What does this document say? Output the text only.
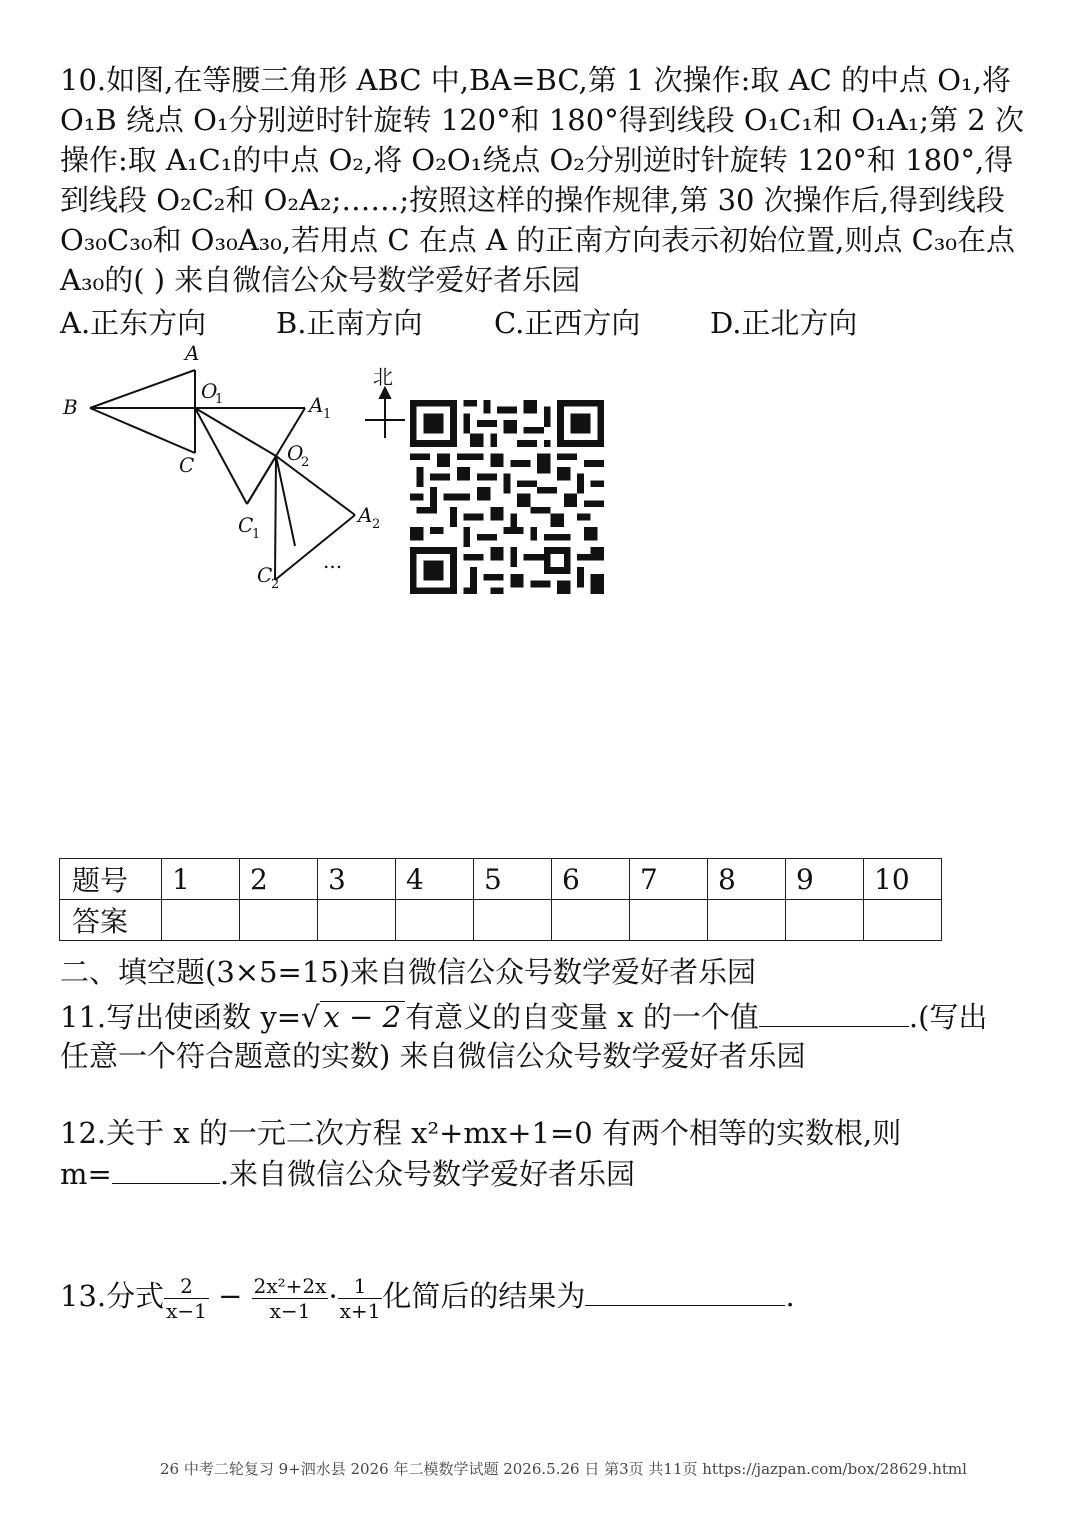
10.如图,在等腰三角形 ABC 中,BA=BC,第 1 次操作:取 AC 的中点 O₁,将
O₁B 绕点 O₁分别逆时针旋转 120°和 180°得到线段 O₁C₁和 O₁A₁;第 2 次
操作:取 A₁C₁的中点 O₂,将 O₂O₁绕点 O₂分别逆时针旋转 120°和 180°,得
到线段 O₂C₂和 O₂A₂;……;按照这样的操作规律,第 30 次操作后,得到线段
O₃₀C₃₀和 O₃₀A₃₀,若用点 C 在点 A 的正南方向表示初始位置,则点 C₃₀在点
A₃₀的( ) 来自微信公众号数学爱好者乐园
A.正东方向 B.正南方向 C.正西方向 D.正北方向
A
B
C
O
1	A 1
O
2
C
1
A 2
C
2
...
北
题号	1	2	3	4	5	6	7	8	9	10
答案										
二、填空题(3×5=15)来自微信公众号数学爱好者乐园
11.写出使函数 y=√ x − 2 有意义的自变量 x 的一个值	.(写出
任意一个符合题意的实数) 来自微信公众号数学爱好者乐园
12.关于 x 的一元二次方程 x²+mx+1=0 有两个相等的实数根,则
m=	.来自微信公众号数学爱好者乐园
13.分式 $\frac{2}{x-1} - \frac{\text{2x²+2x}}{x-1} \cdot \frac{1}{x+1}$ 化简后的结果为	.
26 中考二轮复习 9+泗水县 2026 年二模数学试题 2026.5.26 日 第3页 共11页 https://jazpan.com/box/28629.html
